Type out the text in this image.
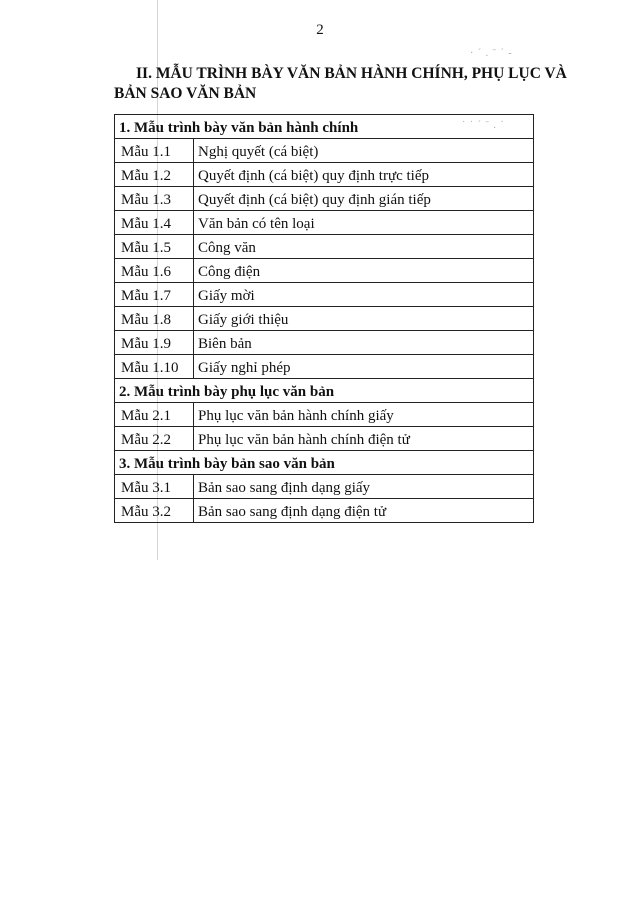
2
· ˊ . ˉ ˊ -
˙ ˙ ˊ ˉ . ˙
II. MẪU TRÌNH BÀY VĂN BẢN HÀNH CHÍNH, PHỤ LỤC VÀ
BẢN SAO VĂN BẢN
1. Mẫu trình bày văn bản hành chính	
Mẫu 1.1	Nghị quyết (cá biệt)
Mẫu 1.2	Quyết định (cá biệt) quy định trực tiếp
Mẫu 1.3	Quyết định (cá biệt) quy định gián tiếp
Mẫu 1.4	Văn bản có tên loại
Mẫu 1.5	Công văn
Mẫu 1.6	Công điện
Mẫu 1.7	Giấy mời
Mẫu 1.8	Giấy giới thiệu
Mẫu 1.9	Biên bản
Mẫu 1.10	Giấy nghỉ phép
2. Mẫu trình bày phụ lục văn bản	
Mẫu 2.1	Phụ lục văn bản hành chính giấy
Mẫu 2.2	Phụ lục văn bản hành chính điện tử
3. Mẫu trình bày bản sao văn bản	
Mẫu 3.1	Bản sao sang định dạng giấy
Mẫu 3.2	Bản sao sang định dạng điện tử
